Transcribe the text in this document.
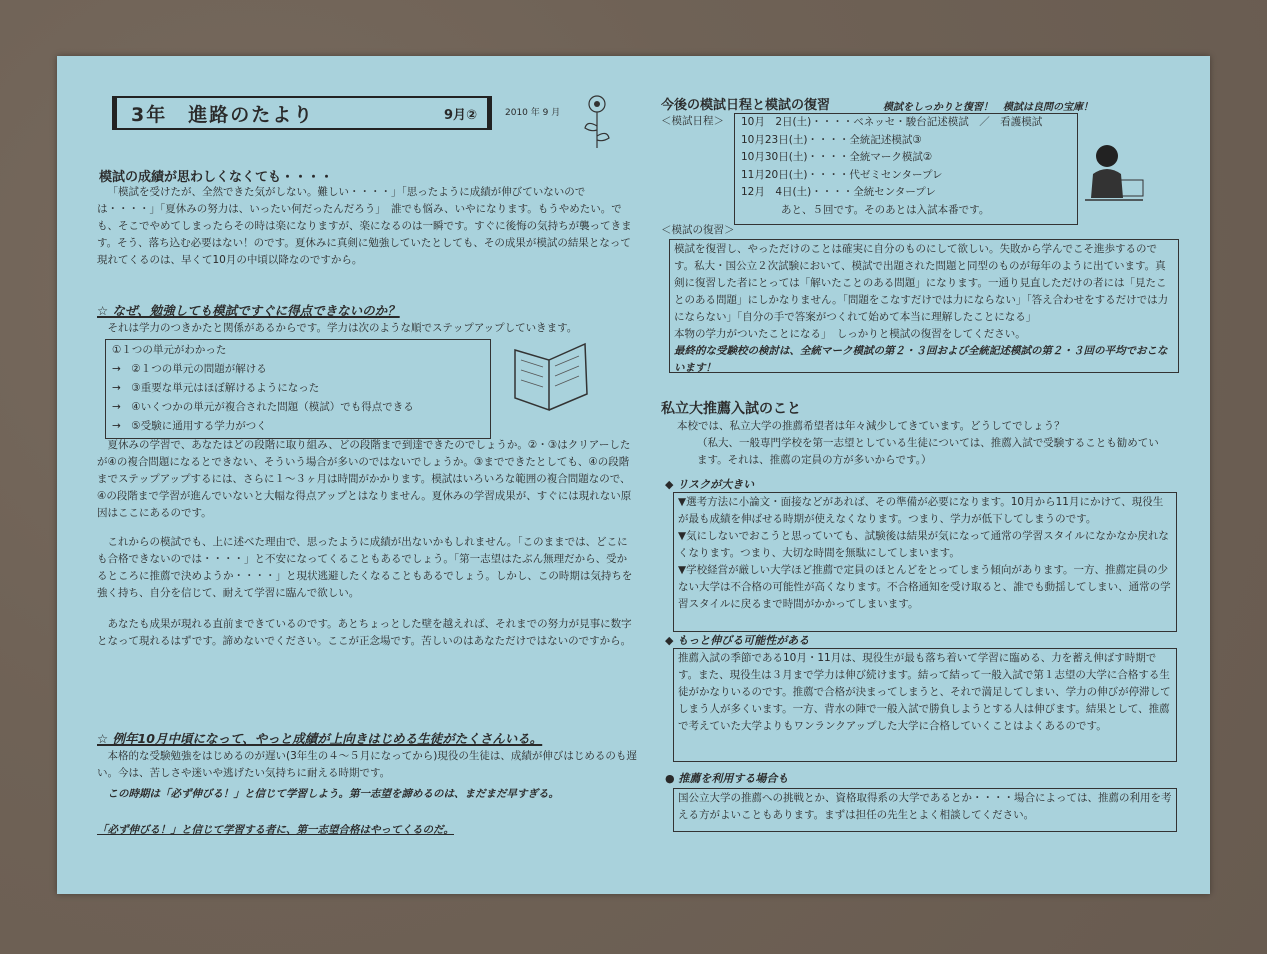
3年　進路のたより	9月②	2010 年 9 月

模試の成績が思わしくなくても・・・・

「模試を受けたが、全然できた気がしない。難しい・・・・」「思ったように成績が伸びていないのでは・・・・」「夏休みの努力は、いったい何だったんだろう」　誰でも悩み、いやになります。もうやめたい。でも、そこでやめてしまったらその時は楽になりますが、楽になるのは一瞬です。すぐに後悔の気持ちが襲ってきます。そう、落ち込む必要はない！のです。夏休みに真剣に勉強していたとしても、その成果が模試の結果となって現れてくるのは、早くて10月の中頃以降なのですから。

☆ なぜ、勉強しても模試ですぐに得点できないのか？

それは学力のつきかたと関係があるからです。学力は次のような順でステップアップしていきます。

①１つの単元がわかった

→　②１つの単元の問題が解ける

→　③重要な単元はほぼ解けるようになった

→　④いくつかの単元が複合された問題（模試）でも得点できる

→　⑤受験に通用する学力がつく

夏休みの学習で、あなたはどの段階に取り組み、どの段階まで到達できたのでしょうか。②・③はクリアーしたが④の複合問題になるとできない、そういう場合が多いのではないでしょうか。③までできたとしても、④の段階までステップアップするには、さらに１～３ヶ月は時間がかかります。模試はいろいろな範囲の複合問題なので、④の段階まで学習が進んでいないと大幅な得点アップとはなりません。夏休みの学習成果が、すぐには現れない原因はここにあるのです。

これからの模試でも、上に述べた理由で、思ったように成績が出ないかもしれません。「このままでは、どこにも合格できないのでは・・・・」と不安になってくることもあるでしょう。「第一志望はたぶん無理だから、受かるところに推薦で決めようか・・・・」と現状逃避したくなることもあるでしょう。しかし、この時期は気持ちを強く持ち、自分を信じて、耐えて学習に臨んで欲しい。

あなたも成果が現れる直前まできているのです。あとちょっとした壁を越えれば、それまでの努力が見事に数字となって現れるはずです。諦めないでください。ここが正念場です。苦しいのはあなただけではないのですから。

☆ 例年10月中頃になって、やっと成績が上向きはじめる生徒がたくさんいる。

本格的な受験勉強をはじめるのが遅い(3年生の４～５月になってから)現役の生徒は、成績が伸びはじめるのも遅い。今は、苦しさや迷いや逃げたい気持ちに耐える時期です。

この時期は「必ず伸びる！」と信じて学習しよう。第一志望を諦めるのは、まだまだ早すぎる。

「必ず伸びる！」と信じて学習する者に、第一志望合格はやってくるのだ。

今後の模試日程と模試の復習	模試をしっかりと復習！　模試は良問の宝庫！

＜模試日程＞ 10月　2日(土)・・・・ベネッセ・駿台記述模試　／　看護模試

10月23日(土)・・・・全統記述模試③

10月30日(土)・・・・全統マーク模試②

11月20日(土)・・・・代ゼミセンタープレ

12月　4日(土)・・・・全統センタープレ

あと、５回です。そのあとは入試本番です。

＜模試の復習＞

模試を復習し、やっただけのことは確実に自分のものにして欲しい。失敗から学んでこそ進歩するのです。私大・国公立２次試験において、模試で出題された問題と同型のものが毎年のように出ています。真剣に復習した者にとっては「解いたことのある問題」になります。一通り見直しただけの者には「見たことのある問題」にしかなりません。「問題をこなすだけでは力にならない」「答え合わせをするだけでは力にならない」「自分の手で答案がつくれて始めて本当に理解したことになる」

本物の学力がついたことになる」　しっかりと模試の復習をしてください。

最終的な受験校の検討は、全統マーク模試の第２・３回および全統記述模試の第２・３回の平均でおこないます！

私立大推薦入試のこと

本校では、私立大学の推薦希望者は年々減少してきています。どうしてでしょう？

（私大、一般専門学校を第一志望としている生徒については、推薦入試で受験することも勧めています。それは、推薦の定員の方が多いからです。）

◆ リスクが大きい

▼選考方法に小論文・面接などがあれば、その準備が必要になります。10月から11月にかけて、現役生が最も成績を伸ばせる時期が使えなくなります。つまり、学力が低下してしまうのです。

▼気にしないでおこうと思っていても、試験後は結果が気になって通常の学習スタイルになかなか戻れなくなります。つまり、大切な時間を無駄にしてしまいます。

▼学校経営が厳しい大学ほど推薦で定員のほとんどをとってしまう傾向があります。一方、推薦定員の少ない大学は不合格の可能性が高くなります。不合格通知を受け取ると、誰でも動揺してしまい、通常の学習スタイルに戻るまで時間がかかってしまいます。

◆ もっと伸びる可能性がある

推薦入試の季節である10月・11月は、現役生が最も落ち着いて学習に臨める、力を蓄え伸ばす時期です。また、現役生は３月まで学力は伸び続けます。結って結って一般入試で第１志望の大学に合格する生徒がかなりいるのです。推薦で合格が決まってしまうと、それで満足してしまい、学力の伸びが停滞してしまう人が多くいます。一方、背水の陣で一般入試で勝負しようとする人は伸びます。結果として、推薦で考えていた大学よりもワンランクアップした大学に合格していくことはよくあるのです。

● 推薦を利用する場合も

国公立大学の推薦への挑戦とか、資格取得系の大学であるとか・・・・場合によっては、推薦の利用を考える方がよいこともあります。まずは担任の先生とよく相談してください。
